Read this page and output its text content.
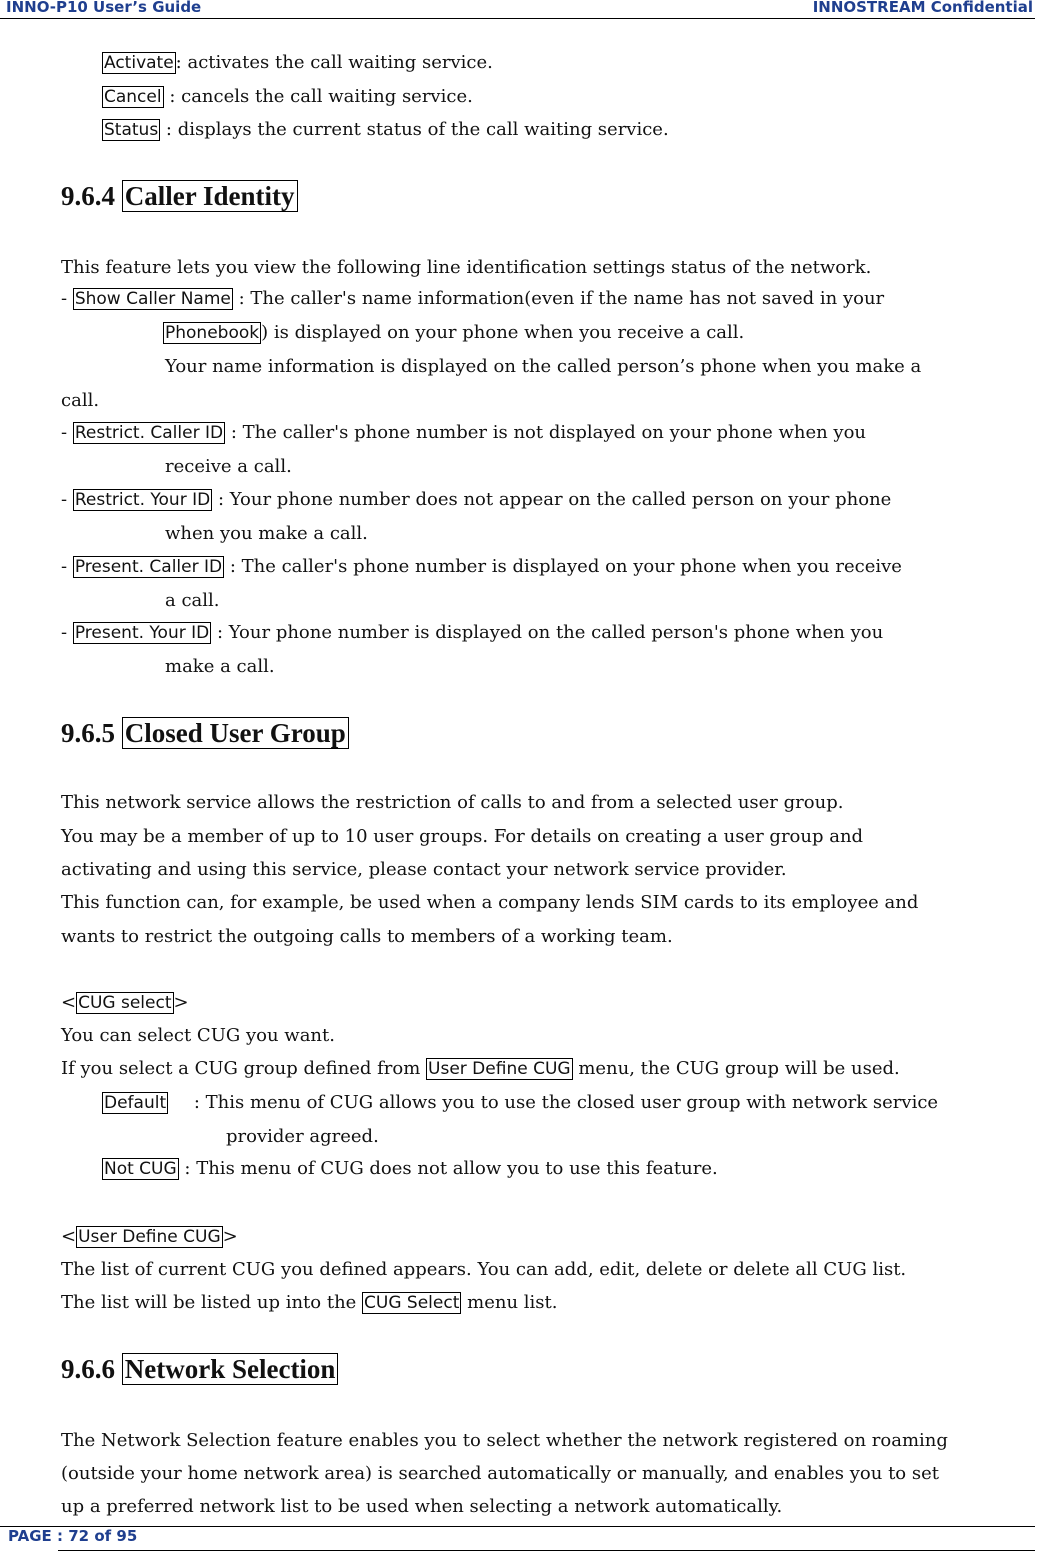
INNO-P10 User’s Guide	INNOSTREAM Confidential
Activate : activates the call waiting service.
Cancel : cancels the call waiting service.
Status : displays the current status of the call waiting service.
9.6.4 Caller Identity
This feature lets you view the following line identification settings status of the network.
- Show Caller Name : The caller's name information(even if the name has not saved in your
Phonebook ) is displayed on your phone when you receive a call.
Your name information is displayed on the called person’s phone when you make a
call.
- Restrict. Caller ID : The caller's phone number is not displayed on your phone when you
receive a call.
- Restrict. Your ID : Your phone number does not appear on the called person on your phone
when you make a call.
- Present. Caller ID : The caller's phone number is displayed on your phone when you receive
a call.
- Present. Your ID : Your phone number is displayed on the called person's phone when you
make a call.
9.6.5 Closed User Group
This network service allows the restriction of calls to and from a selected user group.
You may be a member of up to 10 user groups. For details on creating a user group and
activating and using this service, please contact your network service provider.
This function can, for example, be used when a company lends SIM cards to its employee and
wants to restrict the outgoing calls to members of a working team.
< CUG select >
You can select CUG you want.
If you select a CUG group defined from User Define CUG menu, the CUG group will be used.
Default : This menu of CUG allows you to use the closed user group with network service
provider agreed.
Not CUG : This menu of CUG does not allow you to use this feature.
< User Define CUG >
The list of current CUG you defined appears. You can add, edit, delete or delete all CUG list.
The list will be listed up into the CUG Select menu list.
9.6.6 Network Selection
The Network Selection feature enables you to select whether the network registered on roaming
(outside your home network area) is searched automatically or manually, and enables you to set
up a preferred network list to be used when selecting a network automatically.
PAGE : 72 of 95
